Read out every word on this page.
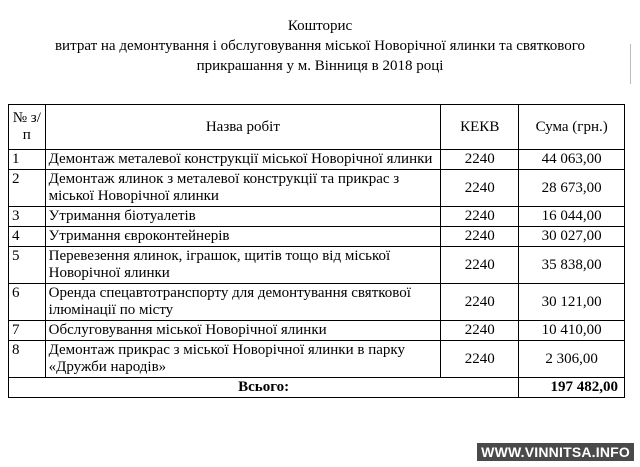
Кошторис
витрат на демонтування і обслуговування міської Новорічної ялинки та святкового
прикрашання у м. Вінниця в 2018 році
№ з/п	Назва робіт	КЕКВ	Сума (грн.)
1	Демонтаж металевої конструкції міської Новорічної ялинки	2240	44 063,00
2	Демонтаж ялинок з металевої конструкції та прикрас з міської Новорічної ялинки	2240	28 673,00
3	Утримання біотуалетів	2240	16 044,00
4	Утримання євроконтейнерів	2240	30 027,00
5	Перевезення ялинок, іграшок, щитів тощо від міської Новорічної ялинки	2240	35 838,00
6	Оренда спецавтотранспорту для демонтування святкової ілюмінації по місту	2240	30 121,00
7	Обслуговування міської Новорічної ялинки	2240	10 410,00
8	Демонтаж прикрас з міської Новорічної ялинки в парку «Дружби народів»	2240	2 306,00
Всього:			197 482,00
WWW.VINNITSA.INFO
